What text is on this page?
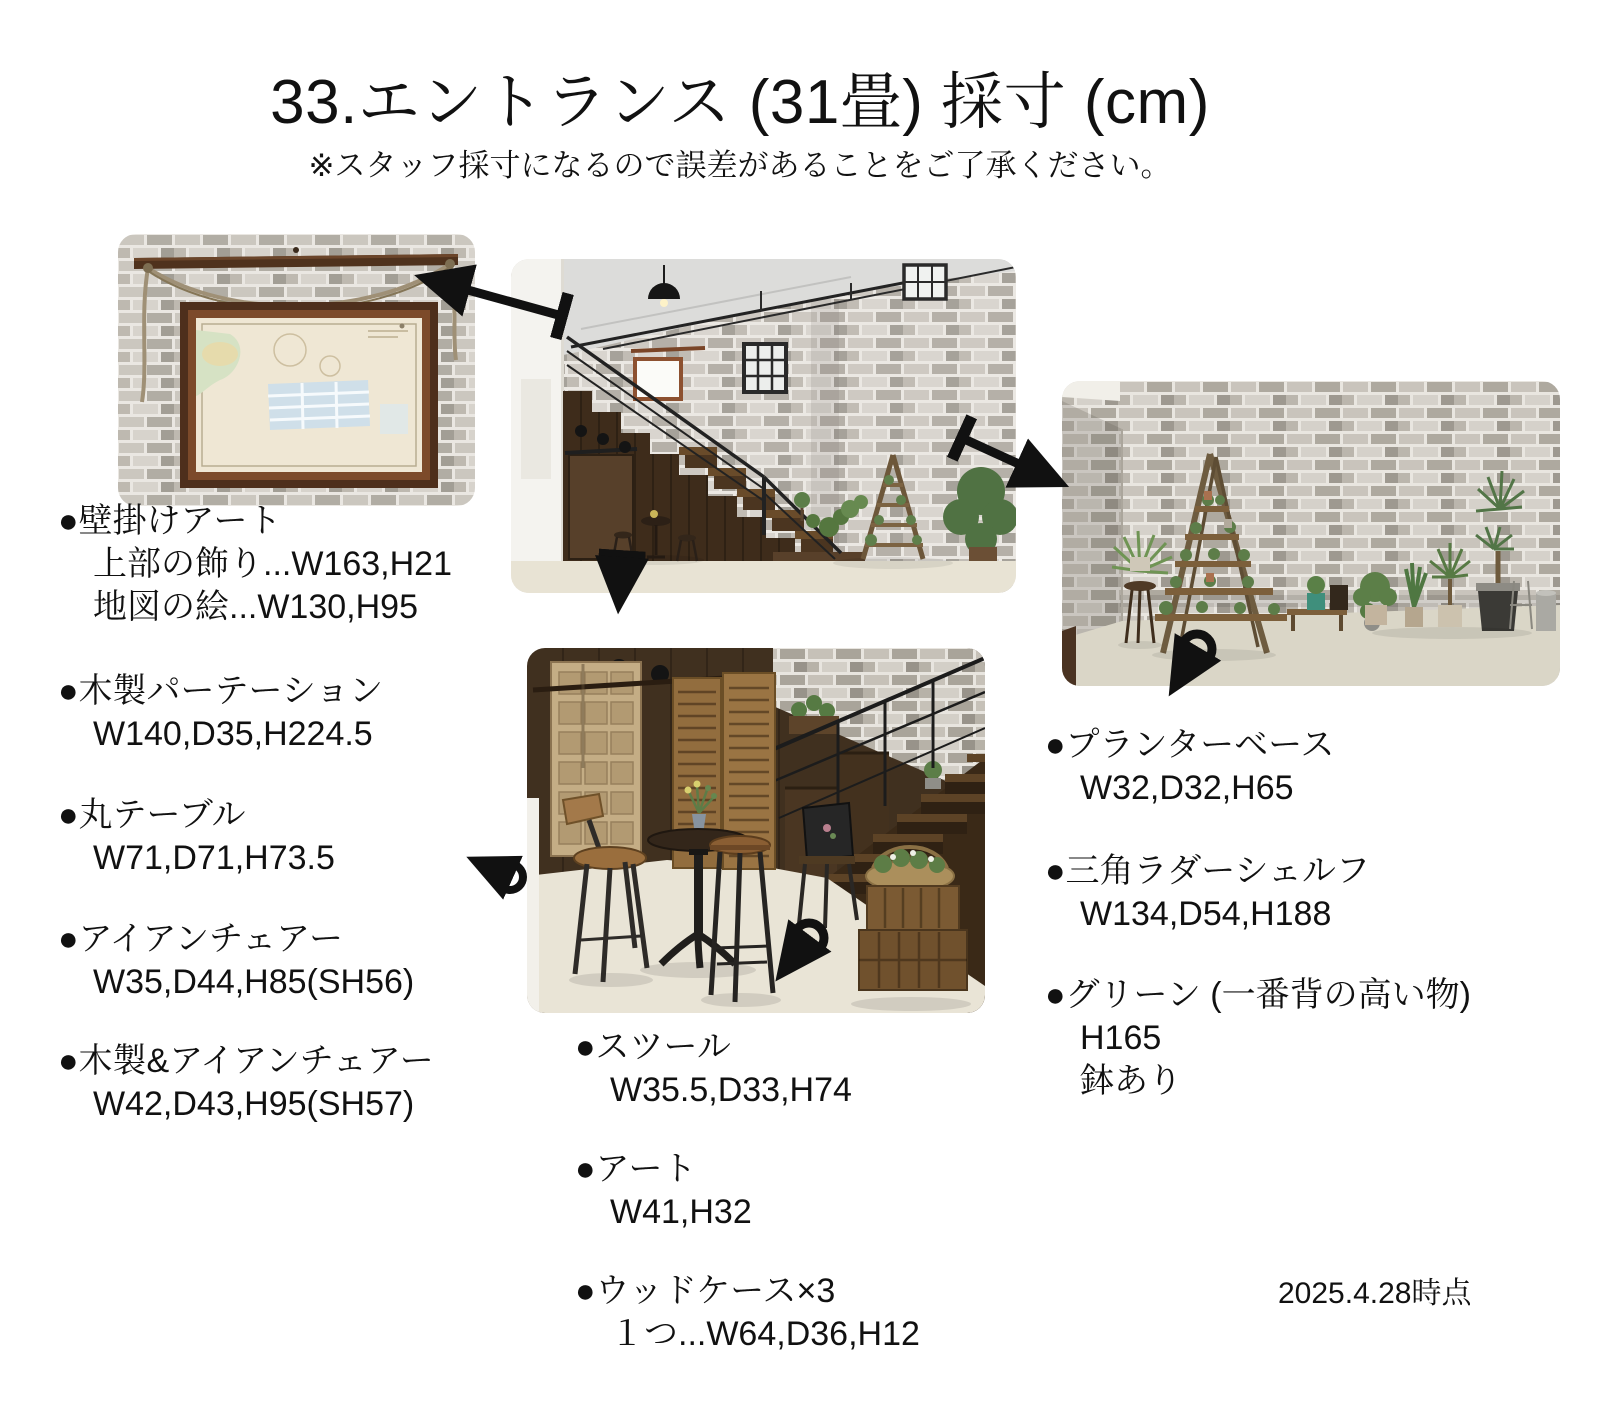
33.エントランス (31畳) 採寸 (cm)
※スタッフ採寸になるので誤差があることをご了承ください。
●壁掛けアート
上部の飾り...W163,H21
地図の絵...W130,H95
●木製パーテーション
W140,D35,H224.5
●丸テーブル
W71,D71,H73.5
●アイアンチェアー
W35,D44,H85(SH56)
●木製&アイアンチェアー
W42,D43,H95(SH57)
●スツール
W35.5,D33,H74
●アート
W41,H32
●ウッドケース×3
１つ...W64,D36,H12
●プランターベース
W32,D32,H65
●三角ラダーシェルフ
W134,D54,H188
●グリーン (一番背の高い物)
H165
鉢あり
2025.4.28時点
